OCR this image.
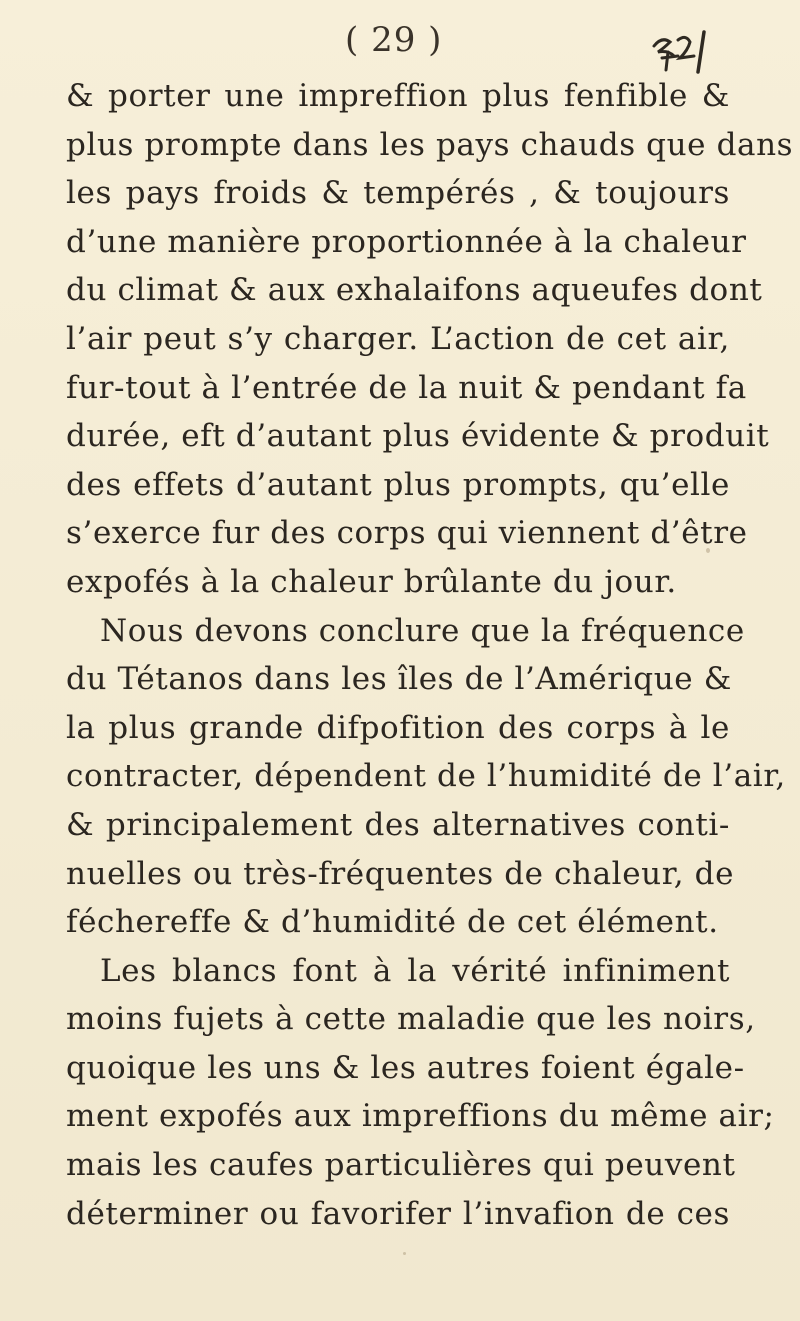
( 29 )
& porter une impreffion plus fenfible &
plus prompte dans les pays chauds que dans
les pays froids & tempérés , & toujours
d’une manière proportionnée à la chaleur
du climat & aux exhalaifons aqueufes dont
l’air peut s’y charger. L’action de cet air,
fur-tout à l’entrée de la nuit & pendant fa
durée, eft d’autant plus évidente & produit
des effets d’autant plus prompts, qu’elle
s’exerce fur des corps qui viennent d’être
expofés à la chaleur brûlante du jour.
Nous devons conclure que la fréquence
du Tétanos dans les îles de l’Amérique &
la plus grande difpofition des corps à le
contracter, dépendent de l’humidité de l’air,
& principalement des alternatives conti-
nuelles ou très-fréquentes de chaleur, de
féchereffe & d’humidité de cet élément.
Les blancs font à la vérité infiniment
moins fujets à cette maladie que les noirs,
quoique les uns & les autres foient égale-
ment expofés aux impreffions du même air;
mais les caufes particulières qui peuvent
déterminer ou favorifer l’invafion de ces
